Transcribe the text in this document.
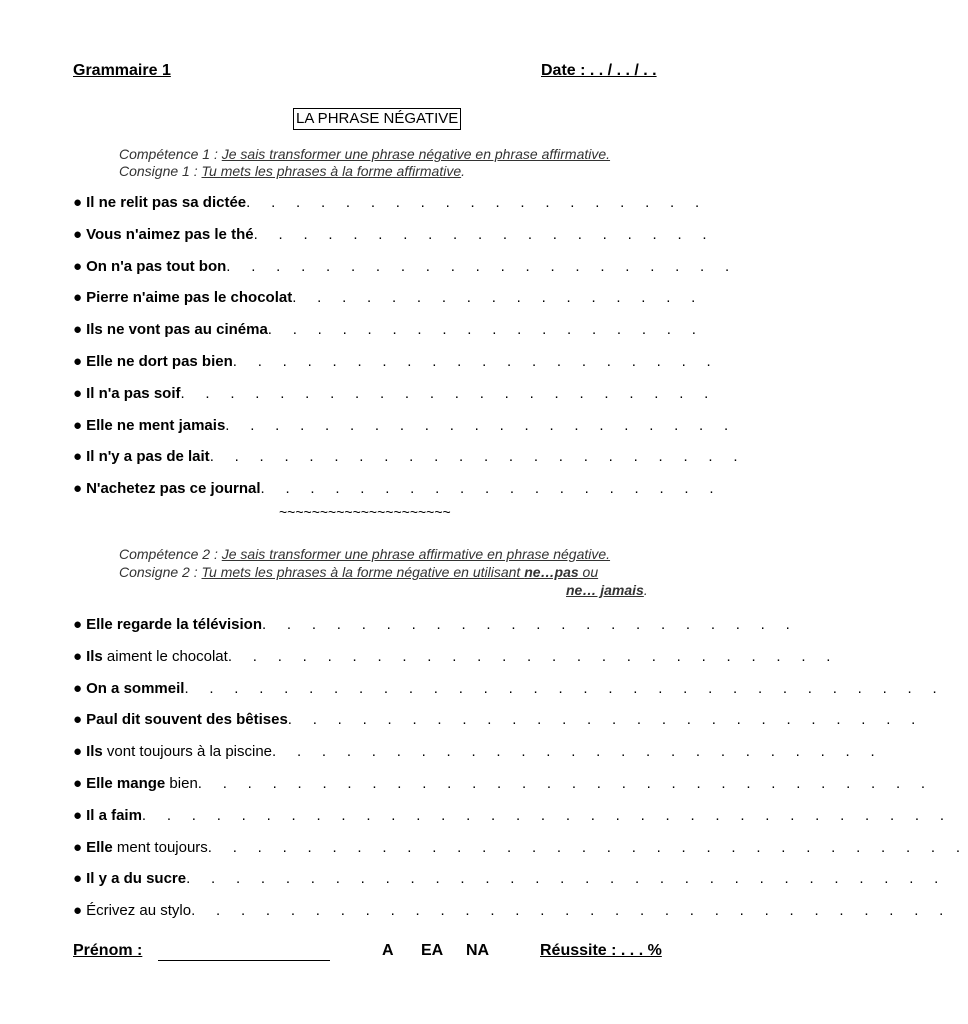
Grammaire 1	Date : . . / . . / . .
LA PHRASE NÉGATIVE
Compétence 1 : Je sais transformer une phrase négative en phrase affirmative.
Consigne 1 : Tu mets les phrases à la forme affirmative.
● Il ne relit pas sa dictée. . . . . . . . . . . . . . . . . . .
● Vous n'aimez pas le thé. . . . . . . . . . . . . . . . . . .
● On n'a pas tout bon. . . . . . . . . . . . . . . . . . . . .
● Pierre n'aime pas le chocolat. . . . . . . . . . . . . . . . .
● Ils ne vont pas au cinéma. . . . . . . . . . . . . . . . . .
● Elle ne dort pas bien. . . . . . . . . . . . . . . . . . . .
● Il n'a pas soif. . . . . . . . . . . . . . . . . . . . . .
● Elle ne ment jamais. . . . . . . . . . . . . . . . . . . . .
● Il n'y a pas de lait. . . . . . . . . . . . . . . . . . . . . .
● N'achetez pas ce journal. . . . . . . . . . . . . . . . . . .
~~~~~~~~~~~~~~~~~~~~~
Compétence 2 : Je sais transformer une phrase affirmative en phrase négative.
Consigne 2 : Tu mets les phrases à la forme négative en utilisant ne…pas ou
ne… jamais.
● Elle regarde la télévision. . . . . . . . . . . . . . . . . . . . . .
● Ils aiment le chocolat. . . . . . . . . . . . . . . . . . . . . . . . .
● On a sommeil. . . . . . . . . . . . . . . . . . . . . . . . . . . . . . .
● Paul dit souvent des bêtises. . . . . . . . . . . . . . . . . . . . . . . . . .
● Ils vont toujours à la piscine. . . . . . . . . . . . . . . . . . . . . . . . .
● Elle mange bien. . . . . . . . . . . . . . . . . . . . . . . . . . . . . .
● Il a faim. . . . . . . . . . . . . . . . . . . . . . . . . . . . . . . . .
● Elle ment toujours. . . . . . . . . . . . . . . . . . . . . . . . . . . . . . .
● Il y a du sucre. . . . . . . . . . . . . . . . . . . . . . . . . . . . . . .
● Écrivez au stylo. . . . . . . . . . . . . . . . . . . . . . . . . . . . . . .
Prénom :	A EA NA	Réussite : . . . %
